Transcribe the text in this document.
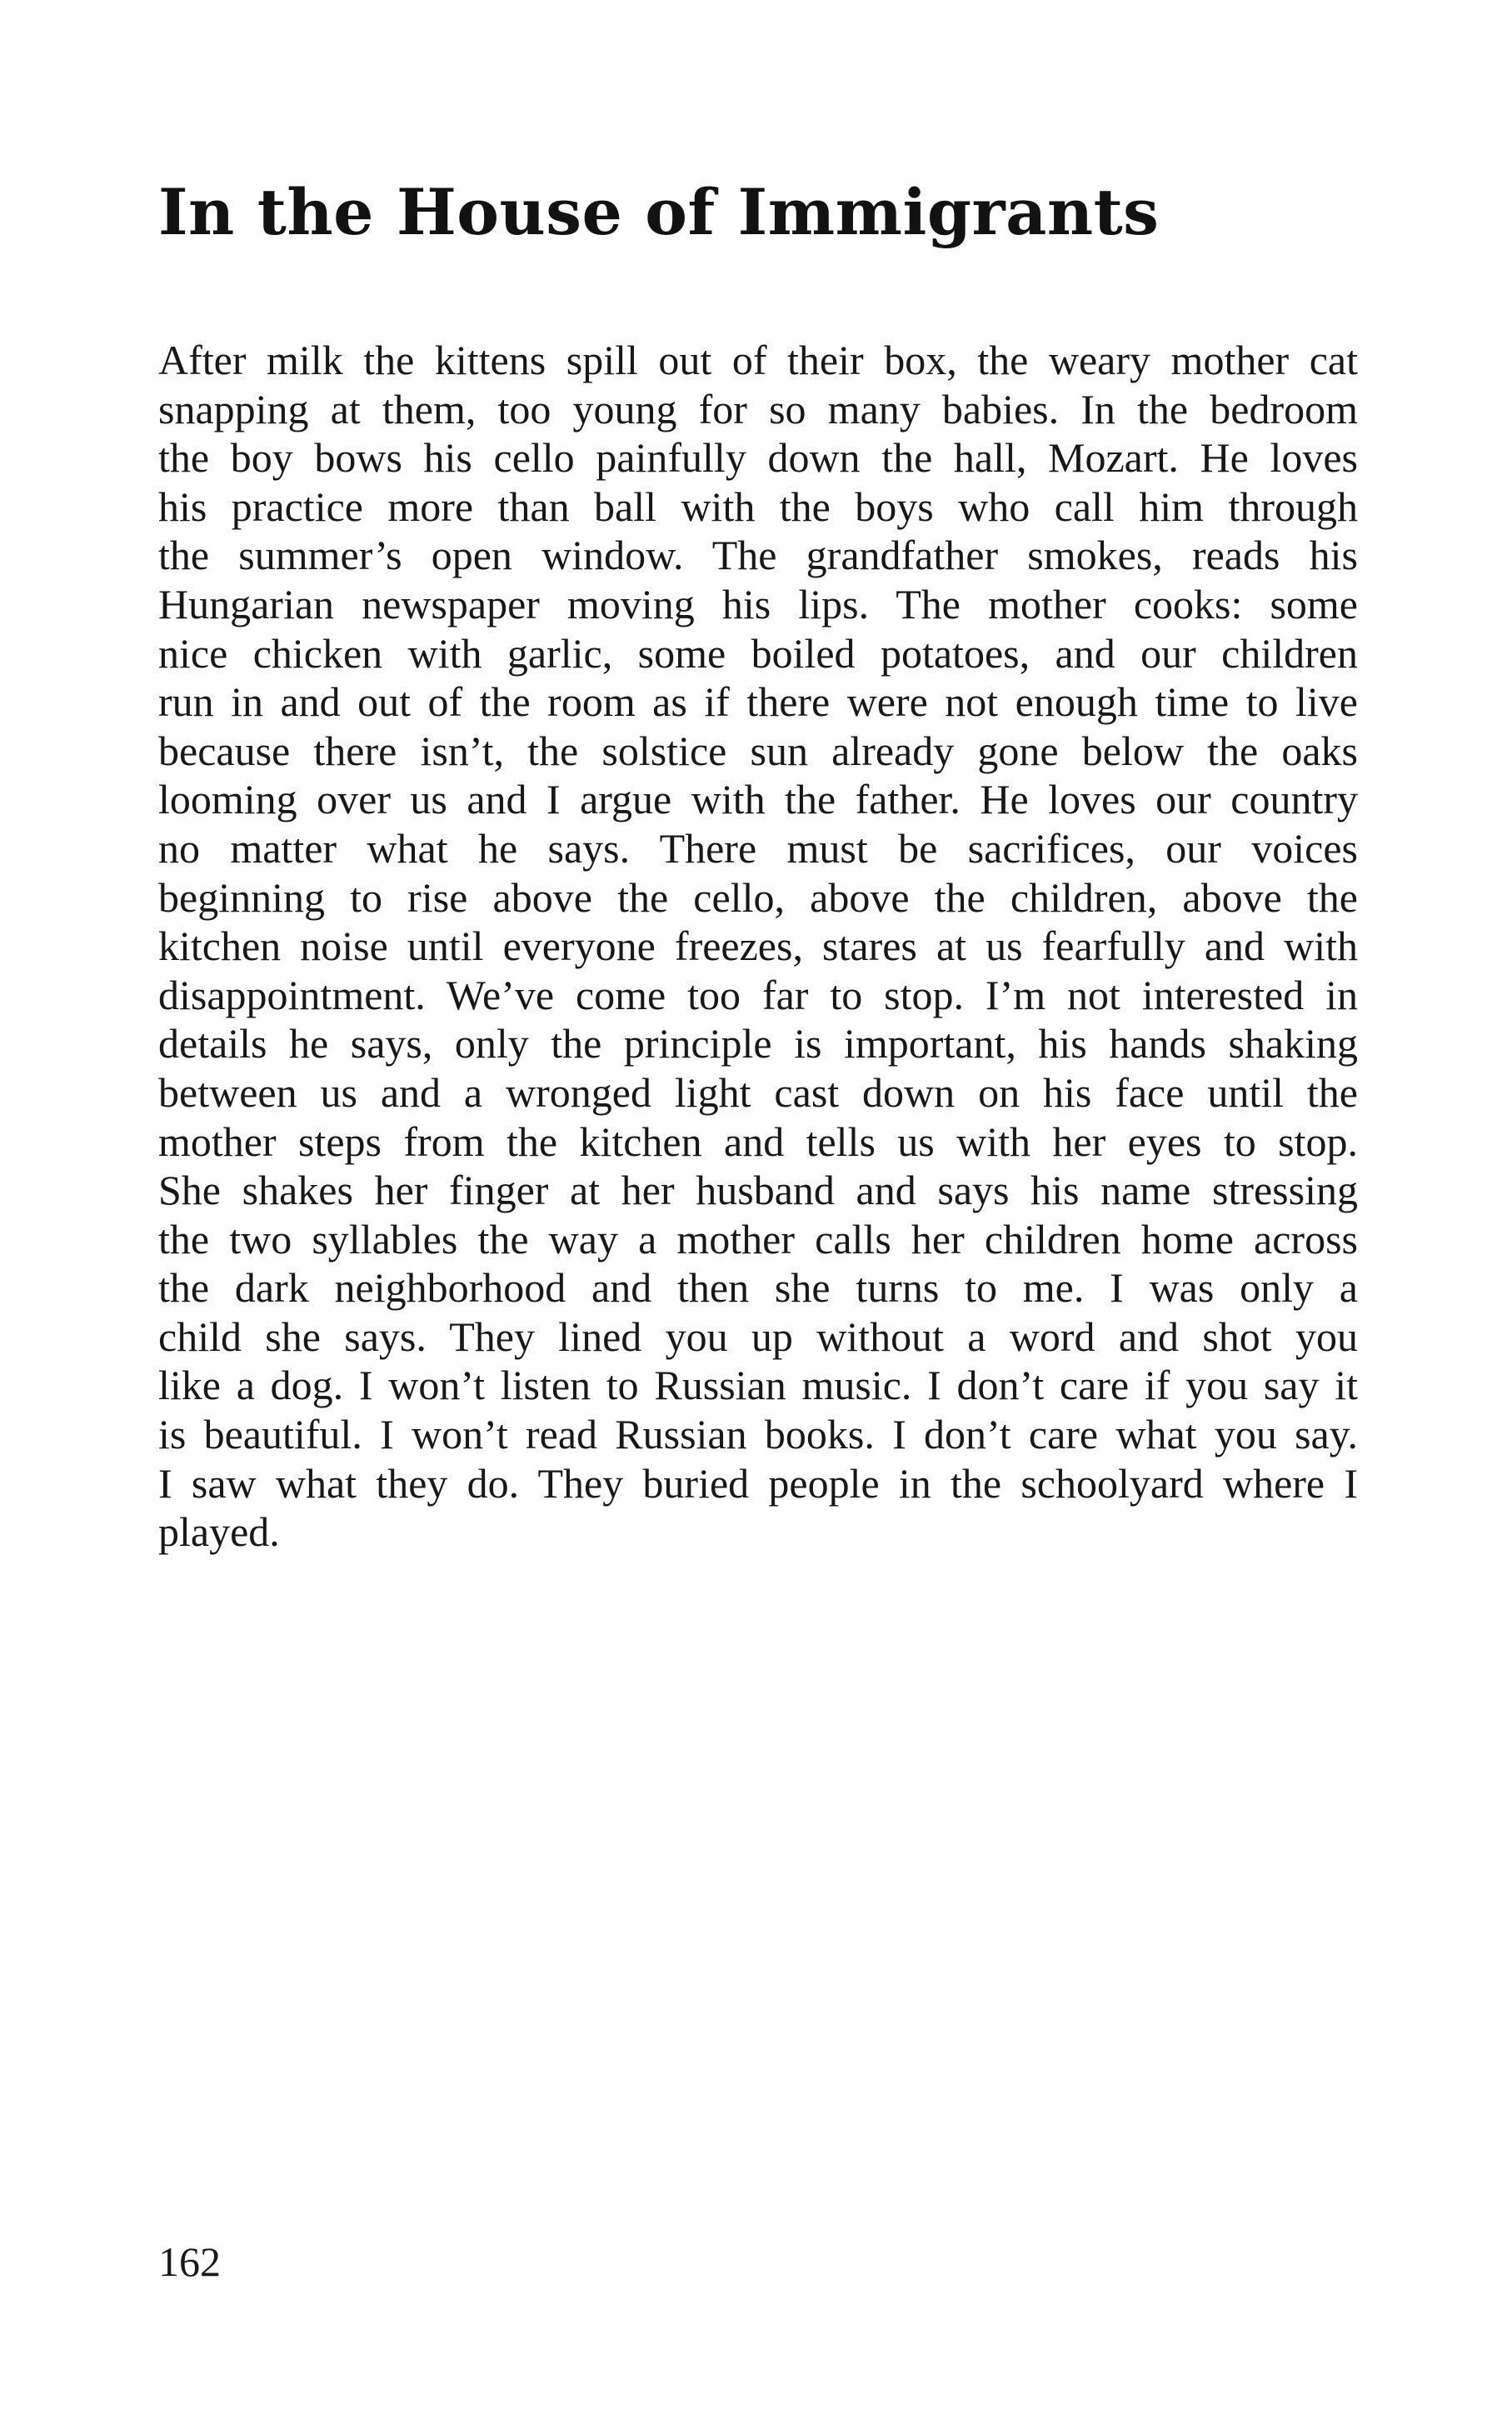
In the House of Immigrants
After milk the kittens spill out of their box, the weary mother cat
snapping at them, too young for so many babies. In the bedroom
the boy bows his cello painfully down the hall, Mozart. He loves
his practice more than ball with the boys who call him through
the summer’s open window. The grandfather smokes, reads his
Hungarian newspaper moving his lips. The mother cooks: some
nice chicken with garlic, some boiled potatoes, and our children
run in and out of the room as if there were not enough time to live
because there isn’t, the solstice sun already gone below the oaks
looming over us and I argue with the father. He loves our country
no matter what he says. There must be sacrifices, our voices
beginning to rise above the cello, above the children, above the
kitchen noise until everyone freezes, stares at us fearfully and with
disappointment. We’ve come too far to stop. I’m not interested in
details he says, only the principle is important, his hands shaking
between us and a wronged light cast down on his face until the
mother steps from the kitchen and tells us with her eyes to stop.
She shakes her finger at her husband and says his name stressing
the two syllables the way a mother calls her children home across
the dark neighborhood and then she turns to me. I was only a
child she says. They lined you up without a word and shot you
like a dog. I won’t listen to Russian music. I don’t care if you say it
is beautiful. I won’t read Russian books. I don’t care what you say.
I saw what they do. They buried people in the schoolyard where I
played.
162
